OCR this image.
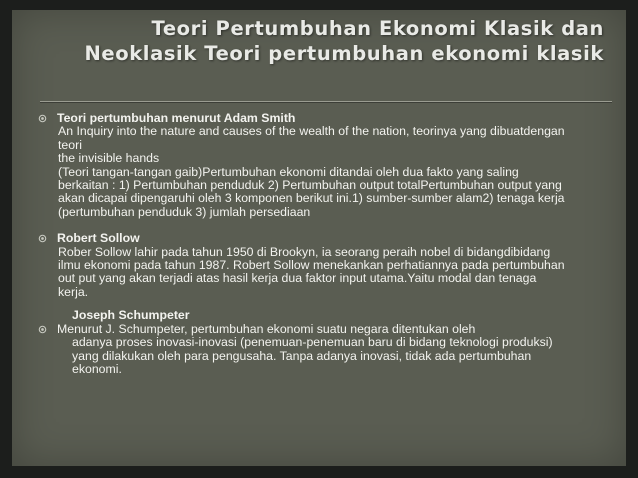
Teori Pertumbuhan Ekonomi Klasik dan
Neoklasik Teori pertumbuhan ekonomi klasik
Teori pertumbuhan menurut Adam Smith

An Inquiry into the nature and causes of the wealth of the nation, teorinya yang dibuatdengan

teori

the invisible hands

(Teori tangan-tangan gaib)Pertumbuhan ekonomi ditandai oleh dua fakto yang saling

berkaitan : 1) Pertumbuhan penduduk 2) Pertumbuhan output totalPertumbuhan output yang

akan dicapai dipengaruhi oleh 3 komponen berikut ini.1) sumber-sumber alam2) tenaga kerja

(pertumbuhan penduduk 3) jumlah persediaan

Robert Sollow

Rober Sollow lahir pada tahun 1950 di Brookyn, ia seorang peraih nobel di bidangdibidang

ilmu ekonomi pada tahun 1987. Robert Sollow menekankan perhatiannya pada pertumbuhan

out put yang akan terjadi atas hasil kerja dua faktor input utama.Yaitu modal dan tenaga

kerja.

Joseph Schumpeter
Menurut J. Schumpeter, pertumbuhan ekonomi suatu negara ditentukan oleh

adanya proses inovasi-inovasi (penemuan-penemuan baru di bidang teknologi produksi)

yang dilakukan oleh para pengusaha. Tanpa adanya inovasi, tidak ada pertumbuhan

ekonomi.
